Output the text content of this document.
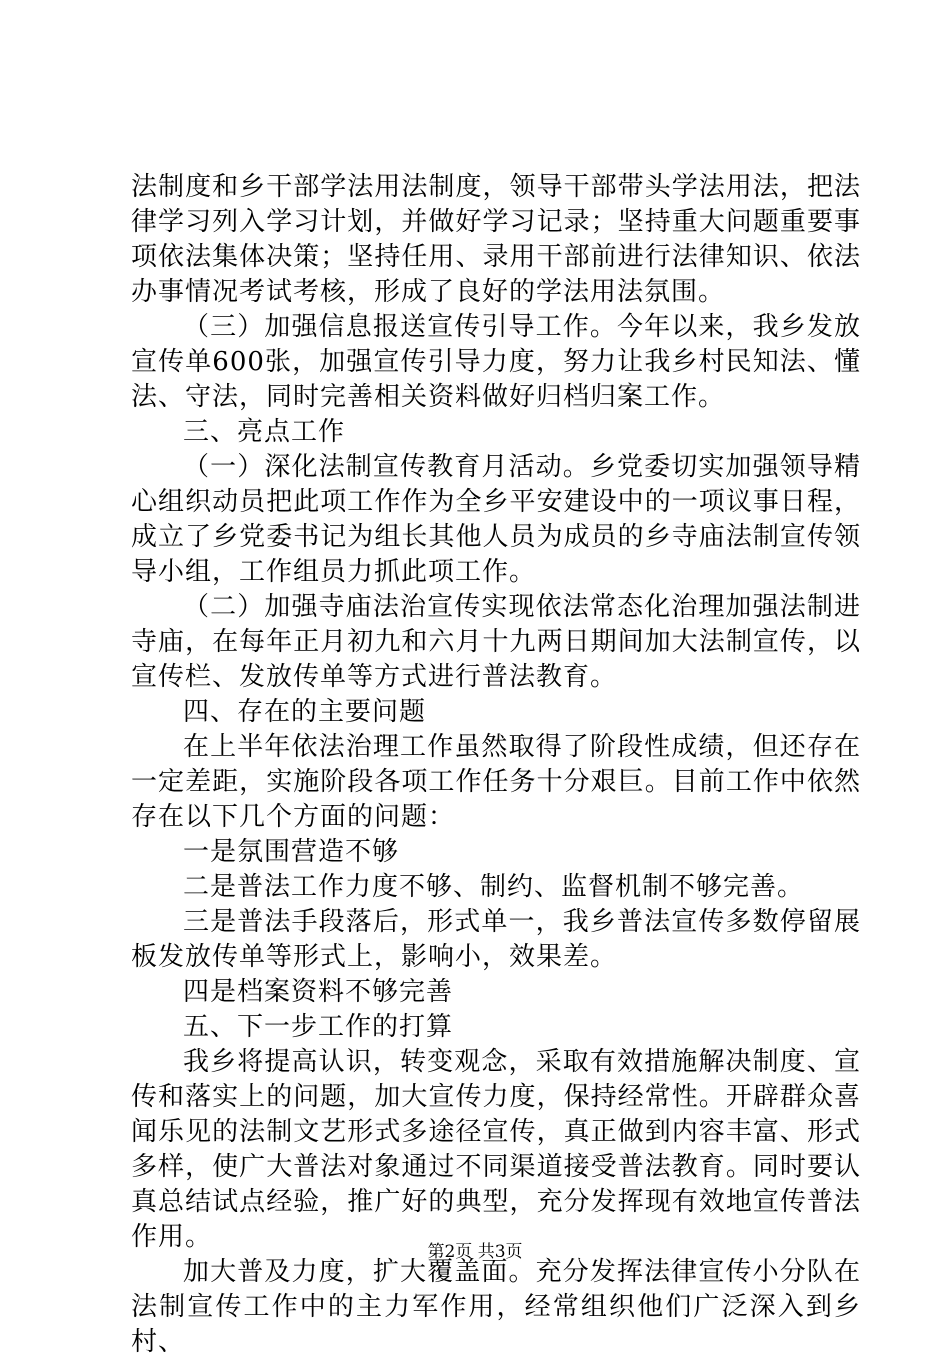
法制度和乡干部学法用法制度，领导干部带头学法用法，把法律学习列入学习计划，并做好学习记录；坚持重大问题重要事项依法集体决策；坚持任用、录用干部前进行法律知识、依法办事情况考试考核，形成了良好的学法用法氛围。

（三）加强信息报送宣传引导工作。今年以来，我乡发放宣传单600张，加强宣传引导力度，努力让我乡村民知法、懂法、守法，同时完善相关资料做好归档归案工作。

三、亮点工作

（一）深化法制宣传教育月活动。乡党委切实加强领导精心组织动员把此项工作作为全乡平安建设中的一项议事日程，成立了乡党委书记为组长其他人员为成员的乡寺庙法制宣传领导小组，工作组员力抓此项工作。

（二）加强寺庙法治宣传实现依法常态化治理加强法制进寺庙，在每年正月初九和六月十九两日期间加大法制宣传，以宣传栏、发放传单等方式进行普法教育。

四、存在的主要问题

在上半年依法治理工作虽然取得了阶段性成绩，但还存在一定差距，实施阶段各项工作任务十分艰巨。目前工作中依然存在以下几个方面的问题：

一是氛围营造不够

二是普法工作力度不够、制约、监督机制不够完善。

三是普法手段落后，形式单一，我乡普法宣传多数停留展板发放传单等形式上，影响小，效果差。

四是档案资料不够完善

五、下一步工作的打算

我乡将提高认识，转变观念，采取有效措施解决制度、宣传和落实上的问题，加大宣传力度，保持经常性。开辟群众喜闻乐见的法制文艺形式多途径宣传，真正做到内容丰富、形式多样，使广大普法对象通过不同渠道接受普法教育。同时要认真总结试点经验，推广好的典型，充分发挥现有效地宣传普法作用。

加大普及力度，扩大覆盖面。充分发挥法律宣传小分队在法制宣传工作中的主力军作用，经常组织他们广泛深入到乡村、

第2页 共3页
